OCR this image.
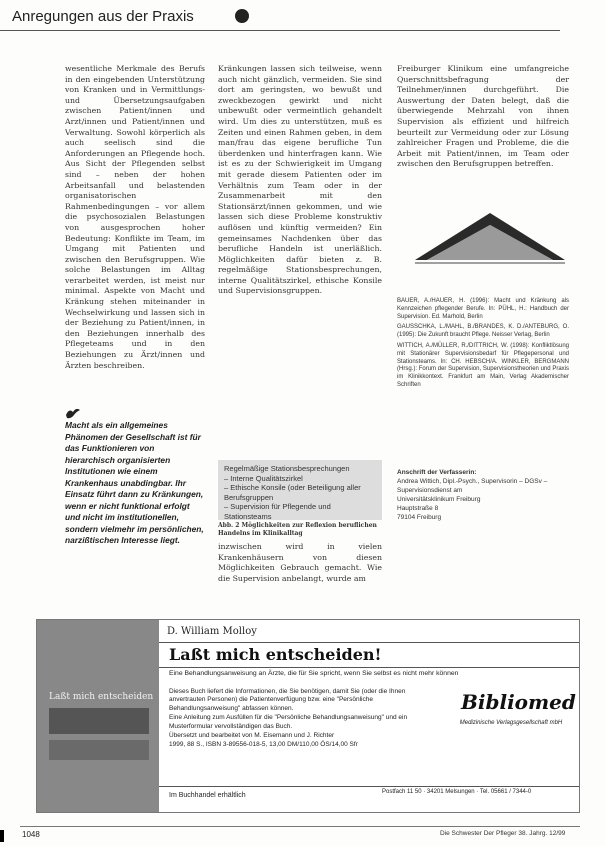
Anregungen aus der Praxis

wesentliche Merkmale des Berufs in den eingebenden Unterstützung von Kranken und in Vermittlungs- und Übersetzungsaufgaben zwischen Patient/innen und Arzt/innen und Patient/innen und Verwaltung. Sowohl körperlich als auch seelisch sind die Anforderungen an Pflegende hoch. Aus Sicht der Pflegenden selbst sind – neben der hohen Arbeitsanfall und belastenden organisatorischen Rahmenbedingungen – vor allem die psychosozialen Belastungen von ausgesprochen hoher Bedeutung: Konflikte im Team, im Umgang mit Patienten und zwischen den Berufsgruppen. Wie solche Belastungen im Alltag verarbeitet werden, ist meist nur minimal. Aspekte von Macht und Kränkung stehen miteinander in Wechselwirkung und lassen sich in der Beziehung zu Patient/innen, in den Beziehungen innerhalb des Pflegeteams und in den Beziehungen zu Ärzt/innen und Ärzten beschreiben.

Kränkungen lassen sich teilweise, wenn auch nicht gänzlich, vermeiden. Sie sind dort am geringsten, wo bewußt und zweckbezogen gewirkt und nicht unbewußt oder vermeintlich gehandelt wird. Um dies zu unterstützen, muß es Zeiten und einen Rahmen geben, in dem man/frau das eigene berufliche Tun überdenken und hinterfragen kann. Wie ist es zu der Schwierigkeit im Umgang mit gerade diesem Patienten oder im Verhältnis zum Team oder in der Zusammenarbeit mit den Stationsärzt/innen gekommen, und wie lassen sich diese Probleme konstruktiv auflösen und künftig vermeiden? Ein gemeinsames Nachdenken über das berufliche Handeln ist unerläßlich. Möglichkeiten dafür bieten z. B. regelmäßige Stationsbesprechungen, interne Qualitätszirkel, ethische Konsile und Supervisionsgruppen.

Freiburger Klinikum eine umfangreiche Querschnittsbefragung der Teilnehmer/innen durchgeführt. Die Auswertung der Daten belegt, daß die überwiegende Mehrzahl von ihnen Supervision als effizient und hilfreich beurteilt zur Vermeidung oder zur Lösung zahlreicher Fragen und Probleme, die die Arbeit mit Patient/innen, im Team oder zwischen den Berufsgruppen betreffen.

Macht als ein allgemeines Phänomen der Gesellschaft ist für das Funktionieren von hierarchisch organisierten Institutionen wie einem Krankenhaus unabdingbar. Ihr Einsatz führt dann zu Kränkungen, wenn er nicht funktional erfolgt und nicht im institutionellen, sondern vielmehr im persönlichen, narzißtischen Interesse liegt.
Regelmäßige Stationsbesprechungen
– Interne Qualitätszirkel
– Ethische Konsile (oder Beteiligung aller Berufsgruppen
– Supervision für Pflegende und Stationsteams
Abb. 2 Möglichkeiten zur Reflexion beruflichen Handelns im Klinikalltag

inzwischen wird in vielen Krankenhäusern von diesen Möglichkeiten Gebrauch gemacht. Wie die Supervision anbelangt, wurde am

BAUER, A./HAUER, H. (1996): Macht und Kränkung als Kennzeichen pflegender Berufe. In: PÜHL, H.: Handbuch der Supervision. Ed. Marhold, Berlin

GAUSSCHKA, L./MAHL, B./BRANDES, K. D./ANTEBURG, O. (1995): Die Zukunft braucht Pflege. Neisser Verlag, Berlin

WITTICH, A./MÜLLER, R./DITTRICH, W. (1998): Konfliktlösung mit Stationärer Supervisionsbedarf für Pflegepersonal und Stationsteams. In: CH. HEBSCH/A. WINKLER, BERGMANN (Hrsg.): Forum der Supervision, Supervisionstheorien und Praxis im Klinikkontext. Frankfurt am Main, Verlag Akademischer Schriften

Anschrift der Verfasserin:
Andrea Wittich, Dipl.-Psych., Supervisorin – DGSv –
Supervisionsdienst am
Universitätsklinikum Freiburg
Hauptstraße 8
79104 Freiburg
Laßt mich entscheiden
D. William Molloy
Laßt mich entscheiden!
Eine Behandlungsanweisung an Ärzte, die für Sie spricht, wenn Sie selbst es nicht mehr können

Dieses Buch liefert die Informationen, die Sie benötigen, damit Sie (oder die Ihnen anvertrauten Personen) die Patientenverfügung bzw. eine "Persönliche Behandlungsanweisung" abfassen können.

Eine Anleitung zum Ausfüllen für die "Persönliche Behandlungsanweisung" und ein Musterformular vervollständigen das Buch.

Übersetzt und bearbeitet von M. Eisemann und J. Richter

1999, 88 S., ISBN 3-89556-018-5, 13,00 DM/110,00 ÖS/14,00 Sfr

Bibliomed
Medizinische Verlagsgesellschaft mbH
Im Buchhandel erhältlich	Postfach 11 50 · 34201 Melsungen · Tel. 05661 / 7344-0
1048	Die Schwester Der Pfleger 38. Jahrg. 12/99
